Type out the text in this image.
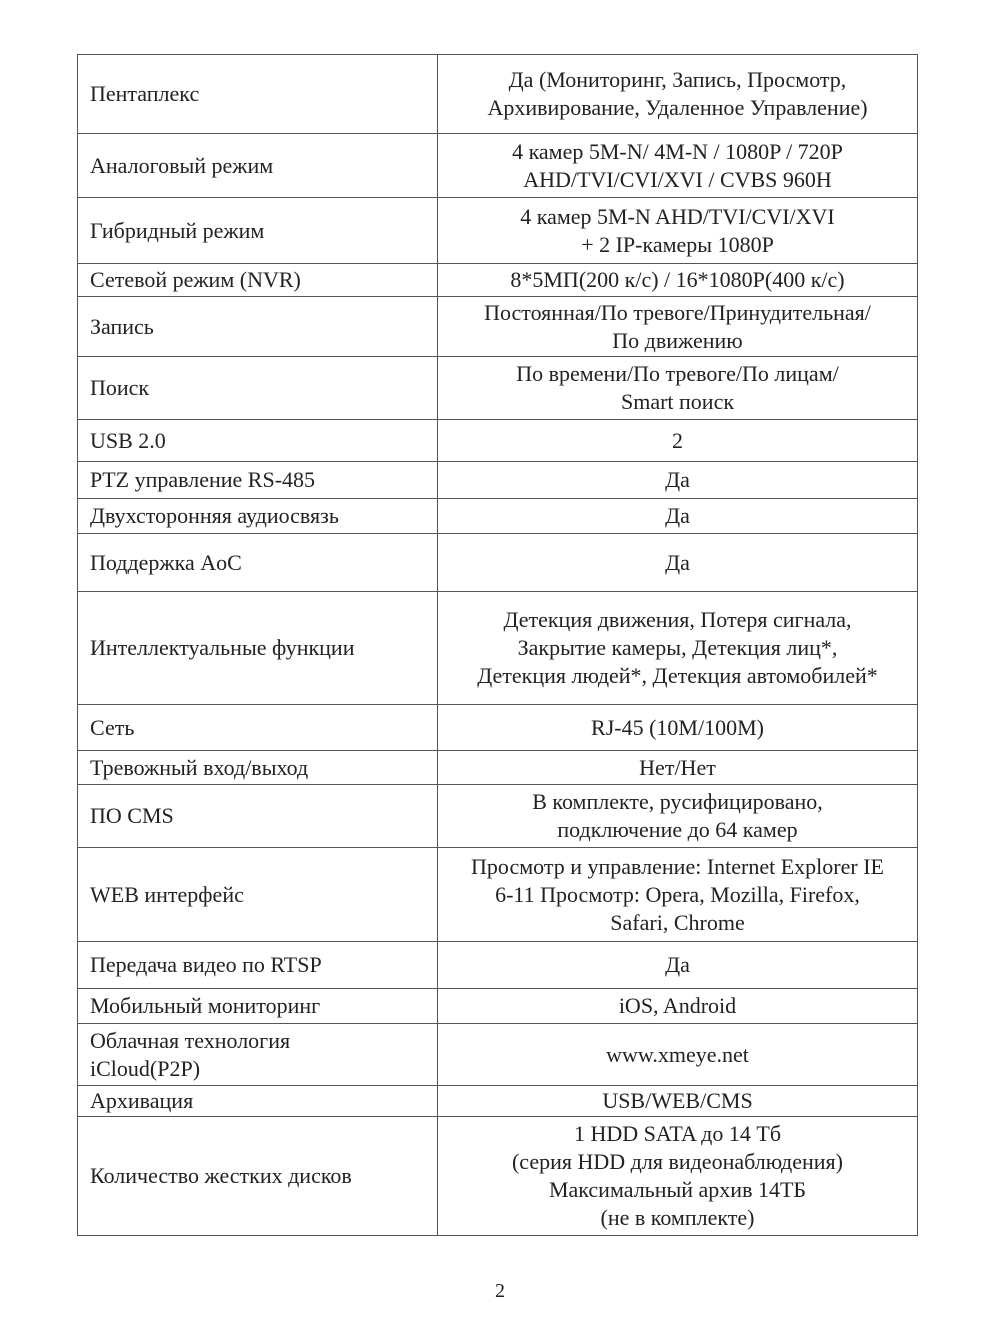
Пентаплекс	Да (Мониторинг, Запись, Просмотр,
Архивирование, Удаленное Управление)
Аналоговый режим	4 камер 5M-N/ 4M-N / 1080P / 720P
AHD/TVI/CVI/XVI / CVBS 960H
Гибридный режим	4 камер 5M-N AHD/TVI/CVI/XVI
+ 2 IP-камеры 1080P
Сетевой режим (NVR)	8*5МП(200 к/с) / 16*1080P(400 к/с)
Запись	Постоянная/По тревоге/Принудительная/
По движению
Поиск	По времени/По тревоге/По лицам/
Smart поиск
USB 2.0	2
PTZ управление RS-485	Да
Двухсторонняя аудиосвязь	Да
Поддержка AoC	Да
Интеллектуальные функции	Детекция движения, Потеря сигнала,
Закрытие камеры, Детекция лиц*,
Детекция людей*, Детекция автомобилей*
Сеть	RJ-45 (10M/100M)
Тревожный вход/выход	Нет/Нет
ПО CMS	В комплекте, русифицировано,
подключение до 64 камер
WEB интерфейс	Просмотр и управление: Internet Explorer IE
6-11 Просмотр: Opera, Mozilla, Firefox,
Safari, Chrome
Передача видео по RTSP	Да
Мобильный мониторинг	iOS, Android
Облачная технология
iCloud(P2P)	www.xmeye.net
Архивация	USB/WEB/CMS
Количество жестких дисков	1 HDD SATA до 14 Тб
(серия HDD для видеонаблюдения)
Максимальный архив 14ТБ
(не в комплекте)
2
